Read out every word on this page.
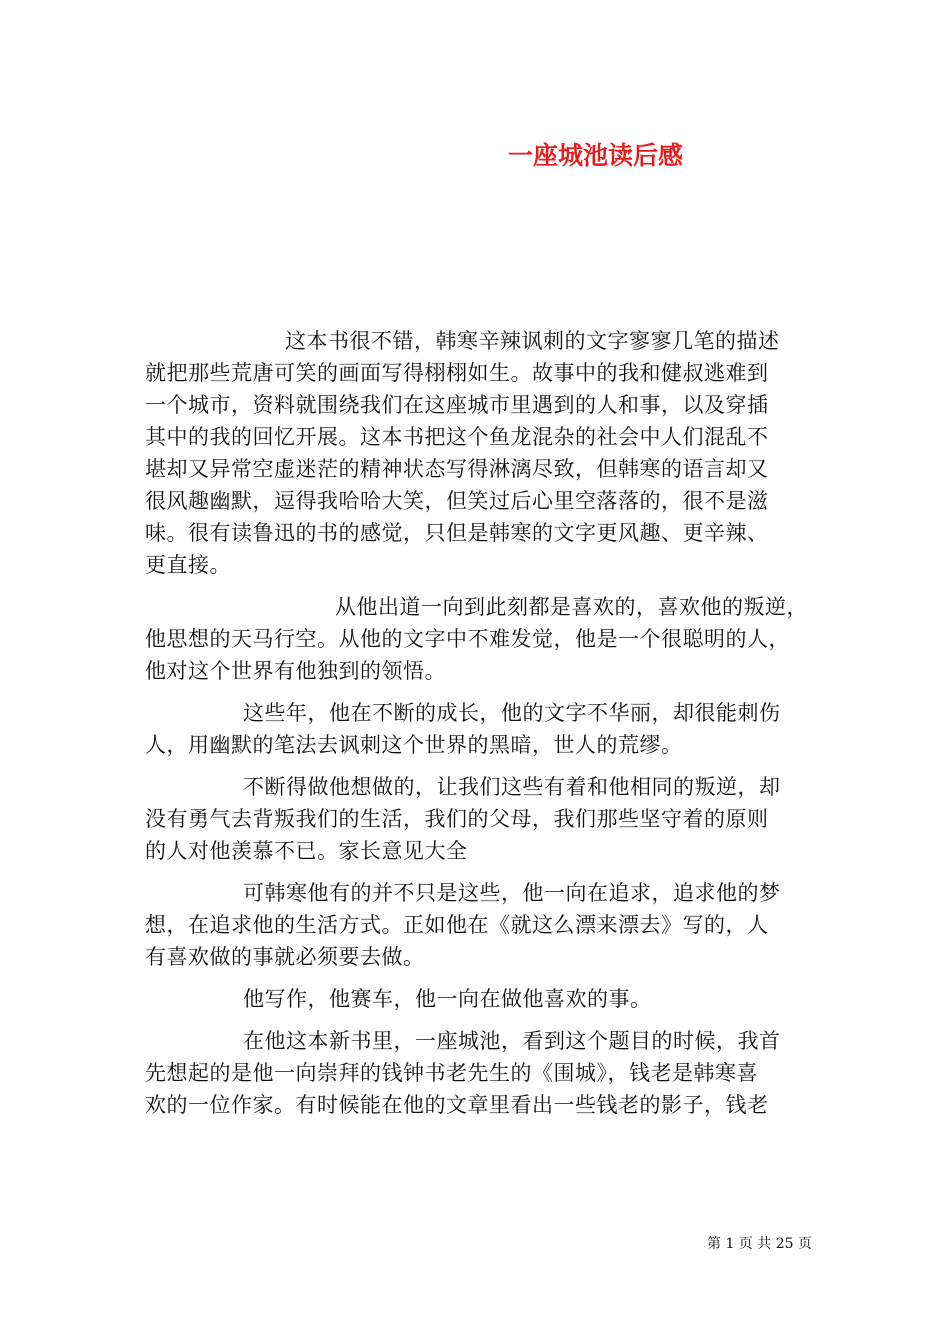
一座城池读后感
这本书很不错，韩寒辛辣讽刺的文字寥寥几笔的描述
就把那些荒唐可笑的画面写得栩栩如生。故事中的我和健叔逃难到
一个城市，资料就围绕我们在这座城市里遇到的人和事，以及穿插
其中的我的回忆开展。这本书把这个鱼龙混杂的社会中人们混乱不
堪却又异常空虚迷茫的精神状态写得淋漓尽致，但韩寒的语言却又
很风趣幽默，逗得我哈哈大笑，但笑过后心里空落落的，很不是滋
味。很有读鲁迅的书的感觉，只但是韩寒的文字更风趣、更辛辣、
更直接。
从他出道一向到此刻都是喜欢的，喜欢他的叛逆，
他思想的天马行空。从他的文字中不难发觉，他是一个很聪明的人，
他对这个世界有他独到的领悟。
这些年，他在不断的成长，他的文字不华丽，却很能刺伤
人，用幽默的笔法去讽刺这个世界的黑暗，世人的荒缪。
不断得做他想做的，让我们这些有着和他相同的叛逆，却
没有勇气去背叛我们的生活，我们的父母，我们那些坚守着的原则
的人对他羡慕不已。家长意见大全
可韩寒他有的并不只是这些，他一向在追求，追求他的梦
想，在追求他的生活方式。正如他在《就这么漂来漂去》写的，人
有喜欢做的事就必须要去做。
他写作，他赛车，他一向在做他喜欢的事。
在他这本新书里，一座城池，看到这个题目的时候，我首
先想起的是他一向崇拜的钱钟书老先生的《围城》，钱老是韩寒喜
欢的一位作家。有时候能在他的文章里看出一些钱老的影子，钱老
第 1 页 共 25 页
